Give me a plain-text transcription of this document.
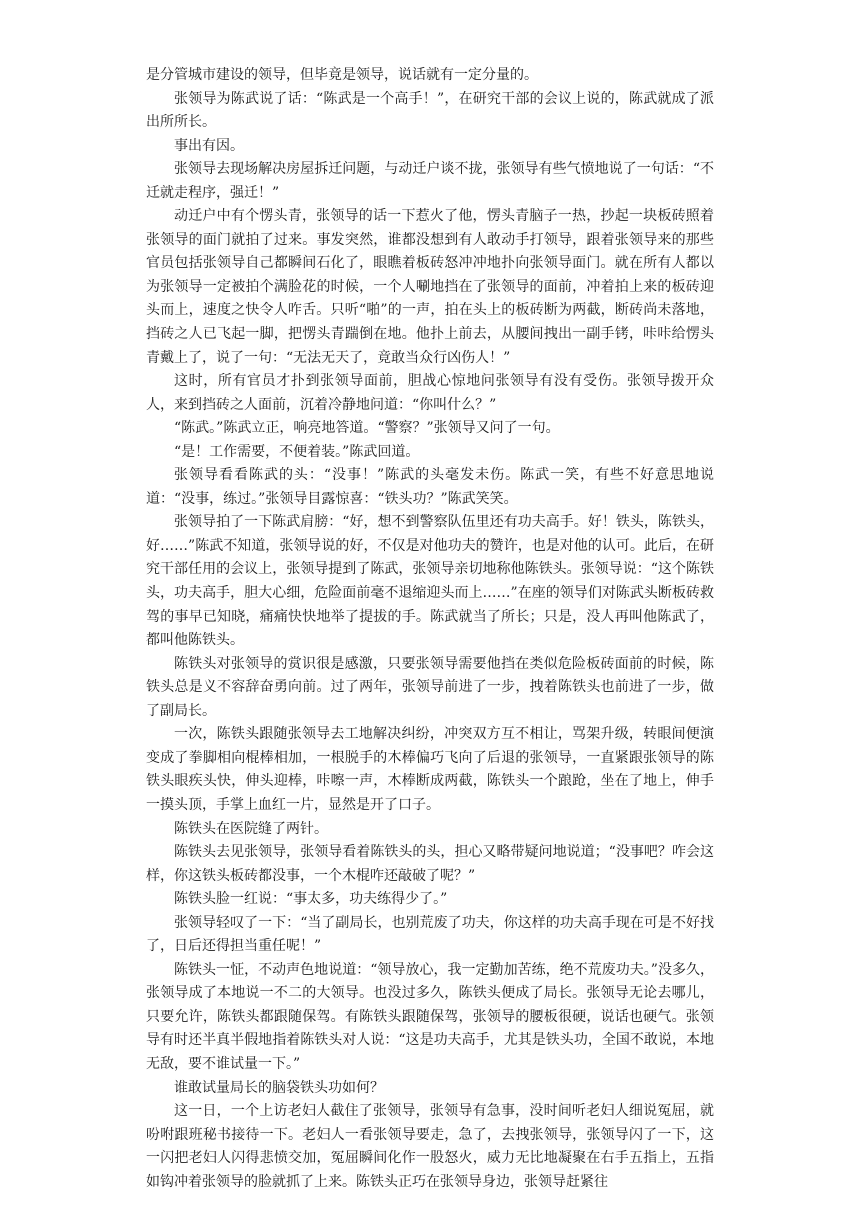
是分管城市建设的领导，但毕竟是领导，说话就有一定分量的。

张领导为陈武说了话：“陈武是一个高手！”，在研究干部的会议上说的，陈武就成了派出所所长。

事出有因。

张领导去现场解决房屋拆迁问题，与动迁户谈不拢，张领导有些气愤地说了一句话：“不迁就走程序，强迁！”

动迁户中有个愣头青，张领导的话一下惹火了他，愣头青脑子一热，抄起一块板砖照着张领导的面门就拍了过来。事发突然，谁都没想到有人敢动手打领导，跟着张领导来的那些官员包括张领导自己都瞬间石化了，眼瞧着板砖怒冲冲地扑向张领导面门。就在所有人都以为张领导一定被拍个满脸花的时候，一个人唰地挡在了张领导的面前，冲着拍上来的板砖迎头而上，速度之快令人咋舌。只听“啪”的一声，拍在头上的板砖断为两截，断砖尚未落地，挡砖之人已飞起一脚，把愣头青踹倒在地。他扑上前去，从腰间拽出一副手铐，咔咔给愣头青戴上了，说了一句：“无法无天了，竟敢当众行凶伤人！”

这时，所有官员才扑到张领导面前，胆战心惊地问张领导有没有受伤。张领导拨开众人，来到挡砖之人面前，沉着冷静地问道：“你叫什么？”

“陈武。”陈武立正，响亮地答道。“警察？”张领导又问了一句。

“是！工作需要，不便着装。”陈武回道。

张领导看看陈武的头：“没事！”陈武的头毫发未伤。陈武一笑，有些不好意思地说道：“没事，练过。”张领导目露惊喜：“铁头功？”陈武笑笑。

张领导拍了一下陈武肩膀：“好，想不到警察队伍里还有功夫高手。好！铁头，陈铁头，好……”陈武不知道，张领导说的好，不仅是对他功夫的赞许，也是对他的认可。此后，在研究干部任用的会议上，张领导提到了陈武，张领导亲切地称他陈铁头。张领导说：“这个陈铁头，功夫高手，胆大心细，危险面前毫不退缩迎头而上……”在座的领导们对陈武头断板砖救驾的事早已知晓，痛痛快快地举了提拔的手。陈武就当了所长；只是，没人再叫他陈武了，都叫他陈铁头。

陈铁头对张领导的赏识很是感激，只要张领导需要他挡在类似危险板砖面前的时候，陈铁头总是义不容辞奋勇向前。过了两年，张领导前进了一步，拽着陈铁头也前进了一步，做了副局长。

一次，陈铁头跟随张领导去工地解决纠纷，冲突双方互不相让，骂架升级，转眼间便演变成了拳脚相向棍棒相加，一根脱手的木棒偏巧飞向了后退的张领导，一直紧跟张领导的陈铁头眼疾头快，伸头迎棒，咔嚓一声，木棒断成两截，陈铁头一个踉跄，坐在了地上，伸手一摸头顶，手掌上血红一片，显然是开了口子。

陈铁头在医院缝了两针。

陈铁头去见张领导，张领导看着陈铁头的头，担心又略带疑问地说道；“没事吧？咋会这样，你这铁头板砖都没事，一个木棍咋还敲破了呢？”

陈铁头脸一红说：“事太多，功夫练得少了。”

张领导轻叹了一下：“当了副局长，也别荒废了功夫，你这样的功夫高手现在可是不好找了，日后还得担当重任呢！”

陈铁头一怔，不动声色地说道：“领导放心，我一定勤加苦练，绝不荒废功夫。”没多久，张领导成了本地说一不二的大领导。也没过多久，陈铁头便成了局长。张领导无论去哪儿，只要允许，陈铁头都跟随保驾。有陈铁头跟随保驾，张领导的腰板很硬，说话也硬气。张领导有时还半真半假地指着陈铁头对人说：“这是功夫高手，尤其是铁头功，全国不敢说，本地无敌，要不谁试量一下。”

谁敢试量局长的脑袋铁头功如何？

这一日，一个上访老妇人截住了张领导，张领导有急事，没时间听老妇人细说冤屈，就吩咐跟班秘书接待一下。老妇人一看张领导要走，急了，去拽张领导，张领导闪了一下，这一闪把老妇人闪得悲愤交加，冤屈瞬间化作一股怒火，威力无比地凝聚在右手五指上，五指如钩冲着张领导的脸就抓了上来。陈铁头正巧在张领导身边，张领导赶紧往
